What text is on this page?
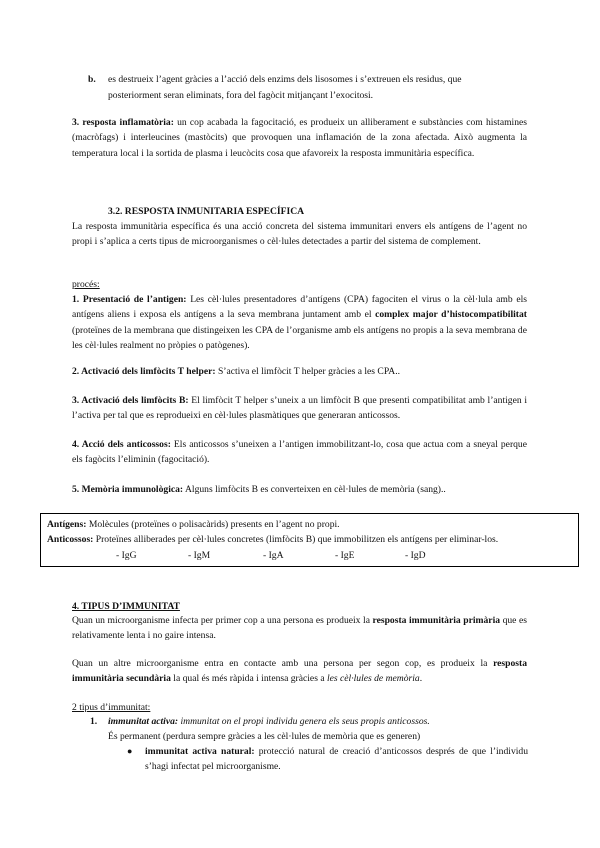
b. es destrueix l’agent gràcies a l’acció dels enzims dels lisosomes i s’extreuen els residus, que
posteriorment seran eliminats, fora del fagòcit mitjançant l’exocitosi.
3. resposta inflamatòria: un cop acabada la fagocitació, es produeix un alliberament e substàncies com histamines (macròfags) i interleucines (mastòcits) que provoquen una inflamación de la zona afectada. Això augmenta la temperatura local i la sortida de plasma i leucòcits cosa que afavoreix la resposta immunitària específica.
3.2. RESPOSTA INMUNITARIA ESPECÍFICA
La resposta immunitària específica és una acció concreta del sistema immunitari envers els antígens de l’agent no propi i s’aplica a certs tipus de microorganismes o cèl·lules detectades a partir del sistema de complement.
procés:
1. Presentació de l’antigen: Les cèl·lules presentadores d’antígens (CPA) fagociten el virus o la cèl·lula amb els antígens aliens i exposa els antígens a la seva membrana juntament amb el complex major d’histocompatibilitat (proteïnes de la membrana que distingeixen les CPA de l’organisme amb els antígens no propis a la seva membrana de les cèl·lules realment no pròpies o patògenes).
2. Activació dels limfòcits T helper: S’activa el limfòcit T helper gràcies a les CPA..
3. Activació dels limfòcits B: El limfòcit T helper s’uneix a un limfòcit B que presenti compatibilitat amb l’antigen i l’activa per tal que es reprodueixi en cèl·lules plasmàtiques que generaran anticossos.
4. Acció dels anticossos: Els anticossos s’uneixen a l’antigen immobilitzant-lo, cosa que actua com a sneyal perque els fagòcits l’eliminin (fagocitació).
5. Memòria immunològica: Alguns limfòcits B es converteixen en cèl·lules de memòria (sang)..
Antígens: Molècules (proteïnes o polisacàrids) presents en l’agent no propi.
Anticossos: Proteïnes alliberades per cèl·lules concretes (limfòcits B) que immobilitzen els antígens per eliminar-los.
- IgG	- IgM	- IgA	- IgE	- IgD
4. TIPUS D’IMMUNITAT
Quan un microorganisme infecta per primer cop a una persona es produeix la resposta immunitària primària que es relativamente lenta i no gaire intensa.
Quan un altre microorganisme entra en contacte amb una persona per segon cop, es produeix la resposta immunitària secundària la qual és més ràpida i intensa gràcies a les cèl·lules de memòria.
2 tipus d’immunitat:
1. immunitat activa: immunitat on el propi individu genera els seus propis anticossos.
És permanent (perdura sempre gràcies a les cèl·lules de memòria que es generen)
● immunitat activa natural: protecció natural de creació d’anticossos després de que l’individu s’hagi infectat pel microorganisme.
